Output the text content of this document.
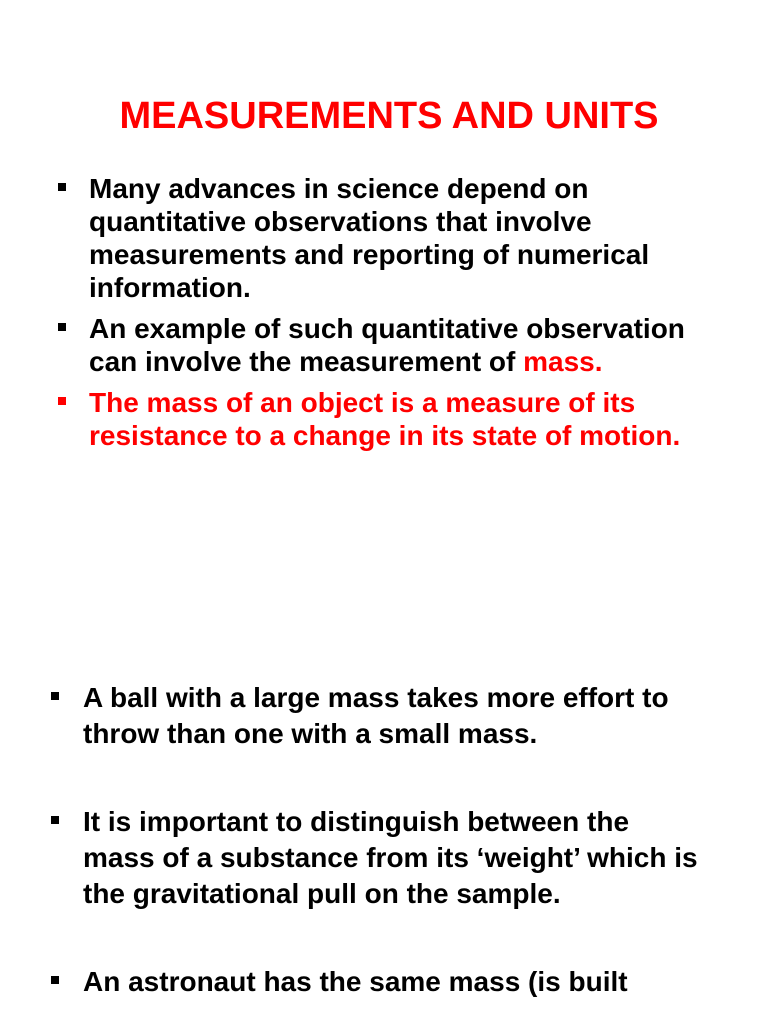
MEASUREMENTS AND UNITS
Many advances in science depend on quantitative observations that involve measurements and reporting of numerical information.
An example of such quantitative observation can involve the measurement of mass.
The mass of an object is a measure of its resistance to a change in its state of motion.
A ball with a large mass takes more effort to throw than one with a small mass.
It is important to distinguish between the mass of a substance from its ‘weight’ which is the gravitational pull on the sample.
An astronaut has the same mass (is built
